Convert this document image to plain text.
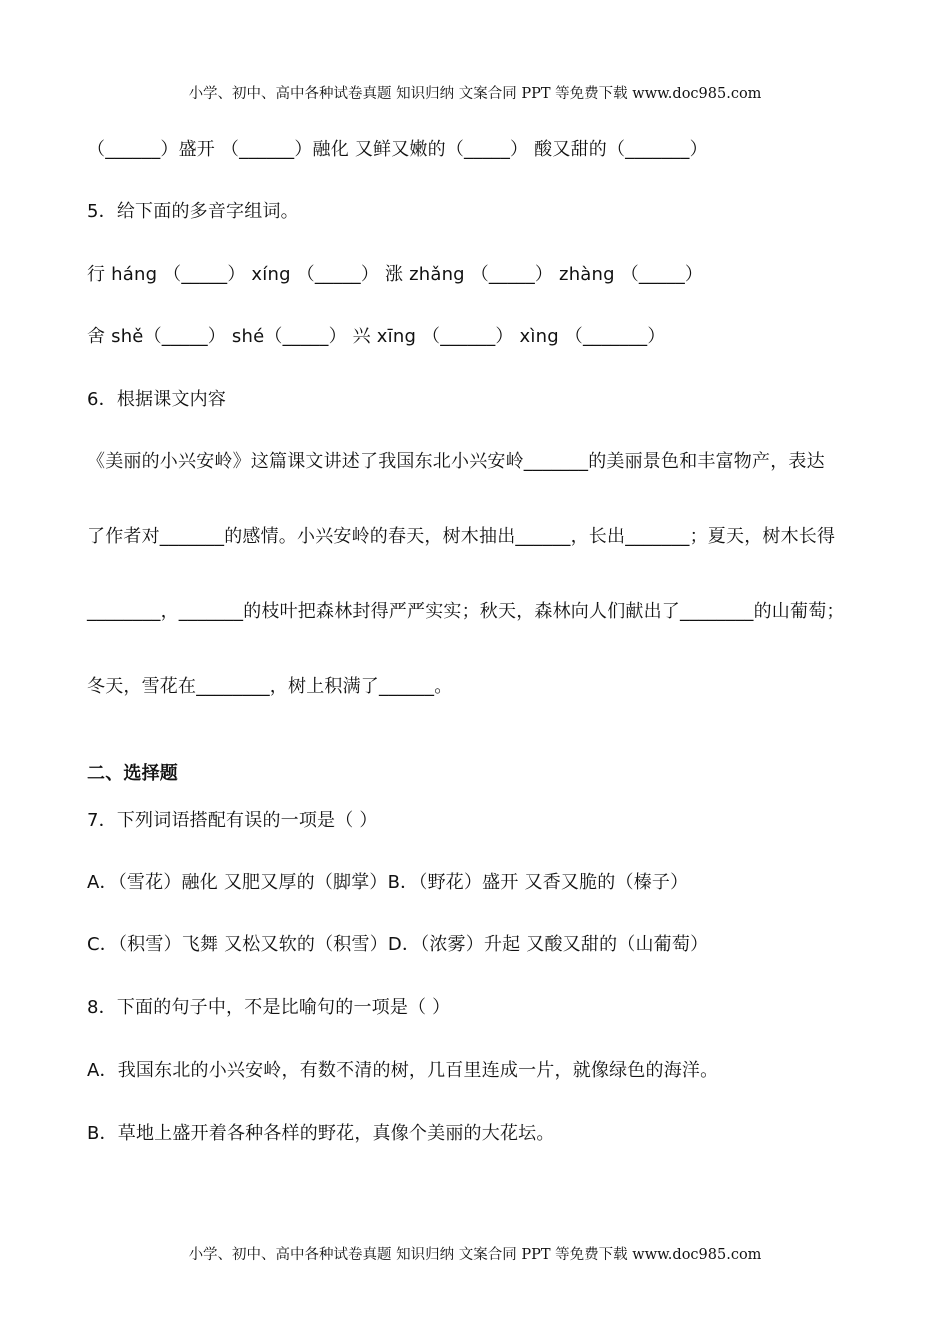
小学、初中、高中各种试卷真题 知识归纳 文案合同 PPT 等免费下载 www.doc985.com
（______）盛开 （______）融化 又鲜又嫩的（_____） 酸又甜的（_______）
5．给下面的多音字组词。
行 háng （_____） xíng （_____） 涨 zhǎng （_____） zhàng （_____）
舍 shě（_____） shé（_____） 兴 xīng （______） xìng （_______）
6．根据课文内容
《美丽的小兴安岭》这篇课文讲述了我国东北小兴安岭_______的美丽景色和丰富物产，表达
了作者对_______的感情。小兴安岭的春天，树木抽出______，长出_______；夏天，树木长得
________，_______的枝叶把森林封得严严实实；秋天，森林向人们献出了________的山葡萄；
冬天，雪花在________，树上积满了______。
二、选择题
7．下列词语搭配有误的一项是（ ）
A．（雪花）融化 又肥又厚的（脚掌）B．（野花）盛开 又香又脆的（榛子）
C．（积雪）飞舞 又松又软的（积雪）D．（浓雾）升起 又酸又甜的（山葡萄）
8．下面的句子中，不是比喻句的一项是（ ）
A．我国东北的小兴安岭，有数不清的树，几百里连成一片，就像绿色的海洋。
B．草地上盛开着各种各样的野花，真像个美丽的大花坛。
小学、初中、高中各种试卷真题 知识归纳 文案合同 PPT 等免费下载 www.doc985.com
